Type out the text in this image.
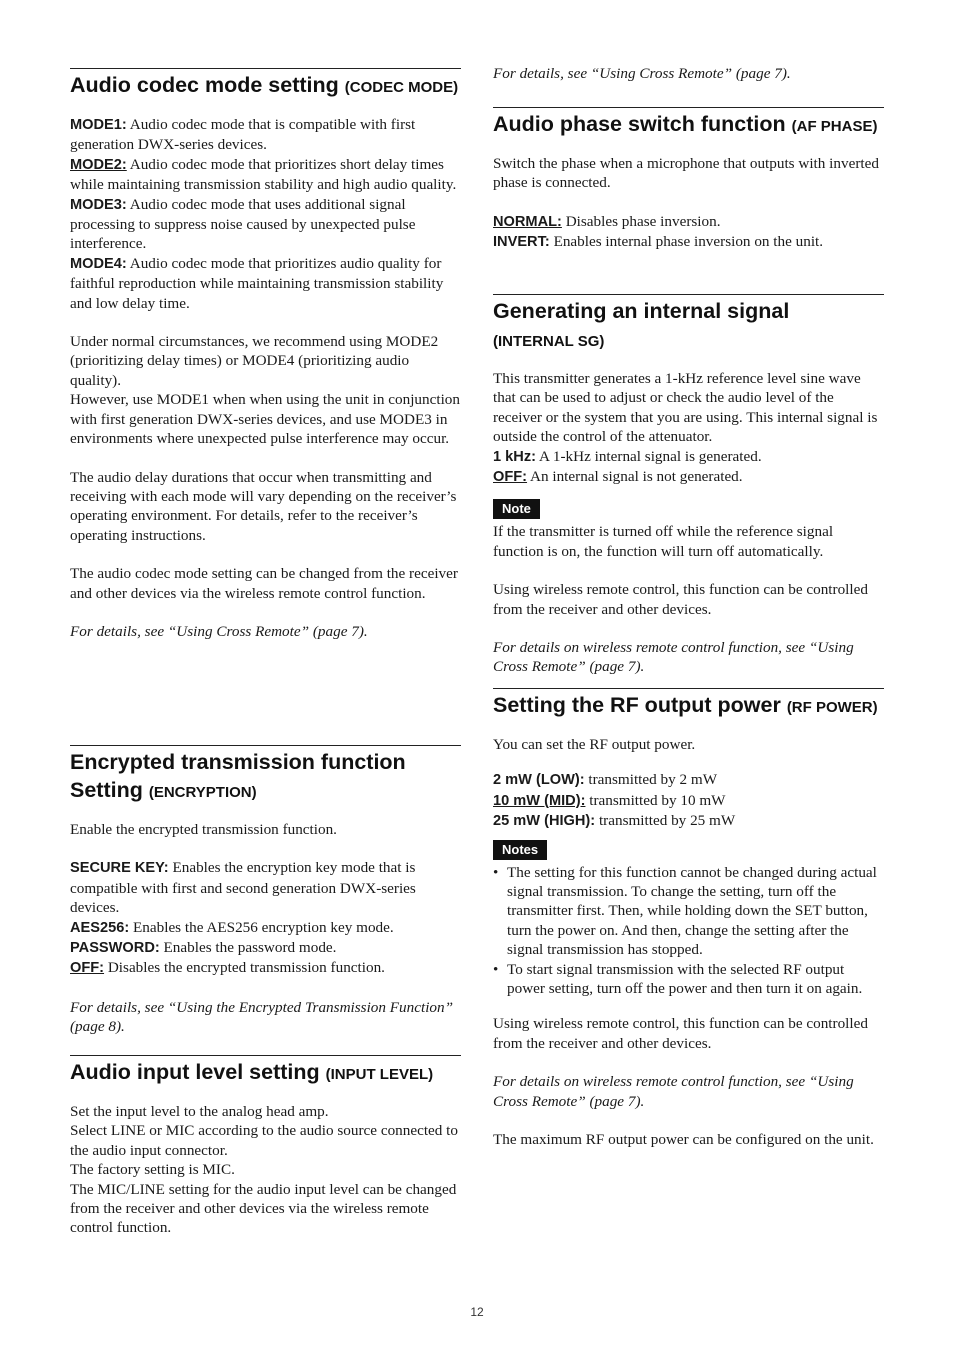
Audio codec mode setting (CODEC MODE)

MODE1: Audio codec mode that is compatible with first generation DWX-series devices.

MODE2: Audio codec mode that prioritizes short delay times while maintaining transmission stability and high audio quality.

MODE3: Audio codec mode that uses additional signal processing to suppress noise caused by unexpected pulse interference.

MODE4: Audio codec mode that prioritizes audio quality for faithful reproduction while maintaining transmission stability and low delay time.

Under normal circumstances, we recommend using MODE2 (prioritizing delay times) or MODE4 (prioritizing audio quality).

However, use MODE1 when when using the unit in conjunction with first generation DWX-series devices, and use MODE3 in environments where unexpected pulse interference may occur.

The audio delay durations that occur when transmitting and receiving with each mode will vary depending on the receiver’s operating environment. For details, refer to the receiver’s operating instructions.

The audio codec mode setting can be changed from the receiver and other devices via the wireless remote control function.

For details, see “Using Cross Remote” (page 7).

Encrypted transmission function Setting (ENCRYPTION)

Enable the encrypted transmission function.

SECURE KEY: Enables the encryption key mode that is compatible with first and second generation DWX-series devices.

AES256: Enables the AES256 encryption key mode.

PASSWORD: Enables the password mode.

OFF: Disables the encrypted transmission function.

For details, see “Using the Encrypted Transmission Function” (page 8).

Audio input level setting (INPUT LEVEL)

Set the input level to the analog head amp.

Select LINE or MIC according to the audio source connected to the audio input connector.

The factory setting is MIC.

The MIC/LINE setting for the audio input level can be changed from the receiver and other devices via the wireless remote control function.

For details, see “Using Cross Remote” (page 7).

Audio phase switch function (AF PHASE)

Switch the phase when a microphone that outputs with inverted phase is connected.

NORMAL: Disables phase inversion.

INVERT: Enables internal phase inversion on the unit.

Generating an internal signal
(INTERNAL SG)

This transmitter generates a 1-kHz reference level sine wave that can be used to adjust or check the audio level of the receiver or the system that you are using. This internal signal is outside the control of the attenuator.

1 kHz: A 1-kHz internal signal is generated.

OFF: An internal signal is not generated.

Note

If the transmitter is turned off while the reference signal function is on, the function will turn off automatically.

Using wireless remote control, this function can be controlled from the receiver and other devices.

For details on wireless remote control function, see “Using Cross Remote” (page 7).

Setting the RF output power (RF POWER)

You can set the RF output power.

2 mW (LOW): transmitted by 2 mW

10 mW (MID): transmitted by 10 mW

25 mW (HIGH): transmitted by 25 mW

Notes
• The setting for this function cannot be changed during actual signal transmission. To change the setting, turn off the transmitter first. Then, while holding down the SET button, turn the power on. And then, change the setting after the signal transmission has stopped.
• To start signal transmission with the selected RF output power setting, turn off the power and then turn it on again.

Using wireless remote control, this function can be controlled from the receiver and other devices.

For details on wireless remote control function, see “Using Cross Remote” (page 7).

The maximum RF output power can be configured on the unit.

12
